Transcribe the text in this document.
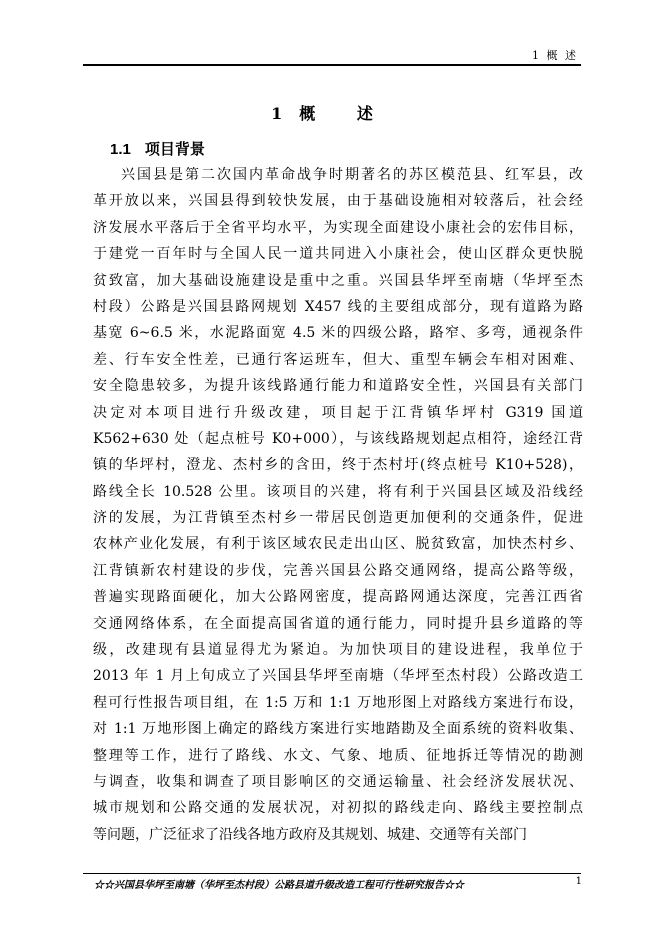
1 概 述
1 概 述
1.1 项目背景
兴国县是第二次国内革命战争时期著名的苏区模范县、红军县，改
革开放以来，兴国县得到较快发展，由于基础设施相对较落后，社会经
济发展水平落后于全省平均水平，为实现全面建设小康社会的宏伟目标，
于建党一百年时与全国人民一道共同进入小康社会，使山区群众更快脱
贫致富，加大基础设施建设是重中之重。兴国县华坪至南塘（华坪至杰
村段）公路是兴国县路网规划 X457 线的主要组成部分，现有道路为路
基宽 6~6.5 米，水泥路面宽 4.5 米的四级公路，路窄、多弯，通视条件
差、行车安全性差，已通行客运班车，但大、重型车辆会车相对困难、
安全隐患较多，为提升该线路通行能力和道路安全性，兴国县有关部门
决定对本项目进行升级改建，项目起于江背镇华坪村 G319 国道
K562+630 处（起点桩号 K0+000），与该线路规划起点相符，途经江背
镇的华坪村，澄龙、杰村乡的含田，终于杰村圩(终点桩号 K10+528)，
路线全长 10.528 公里。该项目的兴建，将有利于兴国县区域及沿线经
济的发展，为江背镇至杰村乡一带居民创造更加便利的交通条件，促进
农林产业化发展，有利于该区域农民走出山区、脱贫致富，加快杰村乡、
江背镇新农村建设的步伐，完善兴国县公路交通网络，提高公路等级，
普遍实现路面硬化，加大公路网密度，提高路网通达深度，完善江西省
交通网络体系，在全面提高国省道的通行能力，同时提升县乡道路的等
级，改建现有县道显得尤为紧迫。为加快项目的建设进程，我单位于
2013 年 1 月上旬成立了兴国县华坪至南塘（华坪至杰村段）公路改造工
程可行性报告项目组，在 1:5 万和 1:1 万地形图上对路线方案进行布设，
对 1:1 万地形图上确定的路线方案进行实地踏勘及全面系统的资料收集、
整理等工作，进行了路线、水文、气象、地质、征地拆迁等情况的勘测
与调查，收集和调查了项目影响区的交通运输量、社会经济发展状况、
城市规划和公路交通的发展状况，对初拟的路线走向、路线主要控制点
等问题，广泛征求了沿线各地方政府及其规划、城建、交通等有关部门
☆☆兴国县华坪至南塘（华坪至杰村段）公路县道升级改造工程可行性研究报告☆☆	1
